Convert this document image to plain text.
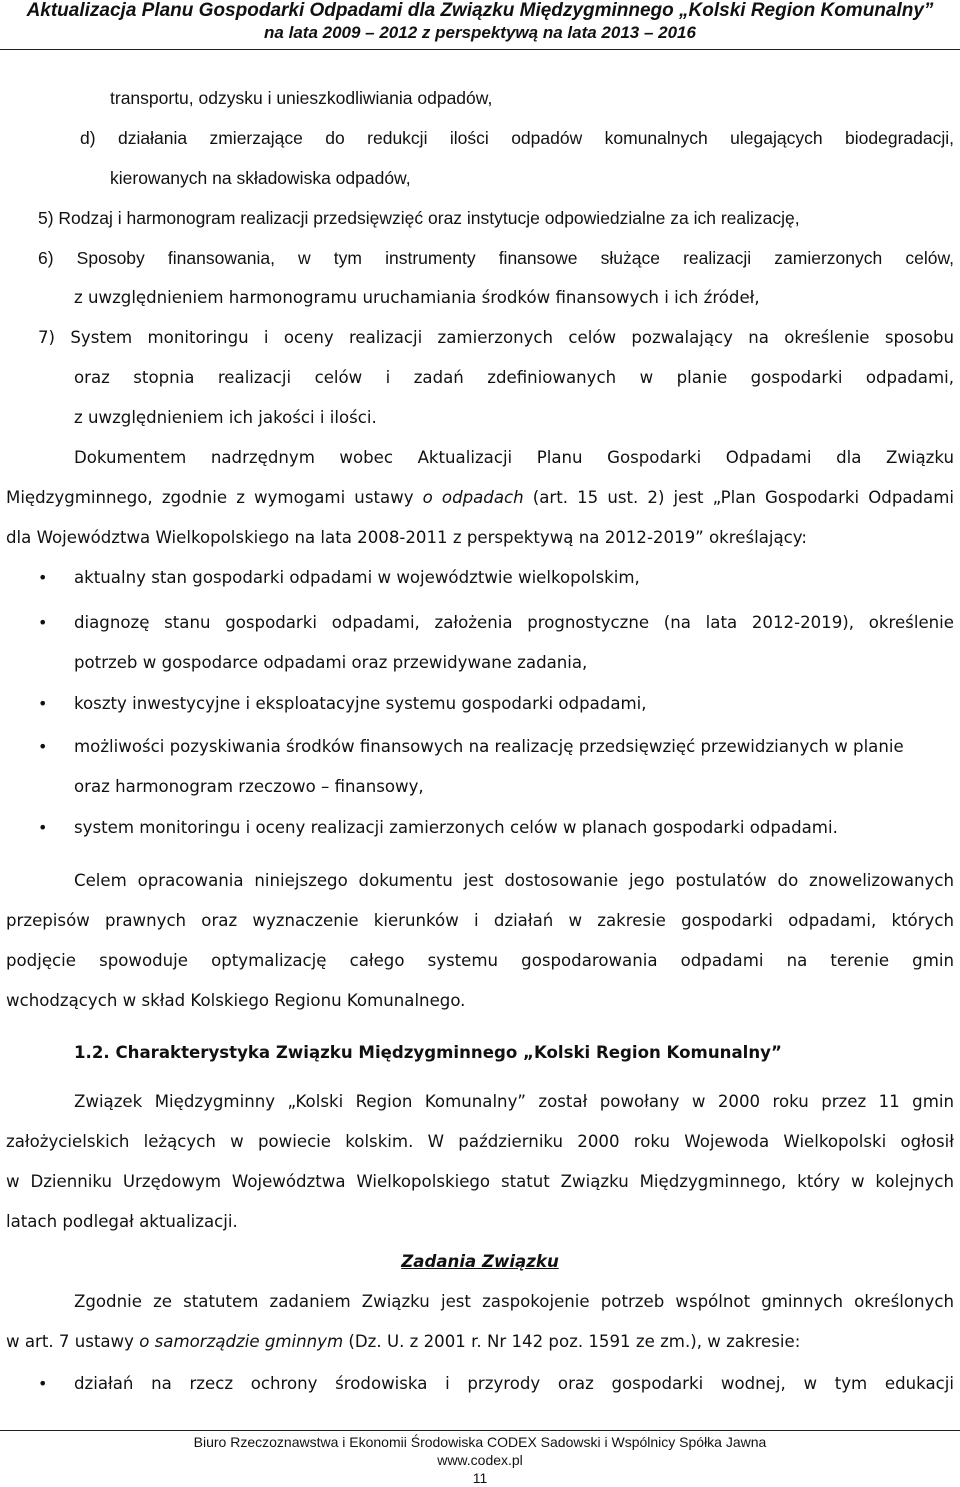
Aktualizacja Planu Gospodarki Odpadami dla Związku Międzygminnego „Kolski Region Komunalny”
na lata 2009 – 2012 z perspektywą na lata 2013 – 2016
transportu, odzysku i unieszkodliwiania odpadów,
d) działania zmierzające do redukcji ilości odpadów komunalnych ulegających biodegradacji,
kierowanych na składowiska odpadów,
5) Rodzaj i harmonogram realizacji przedsięwzięć oraz instytucje odpowiedzialne za ich realizację,
6) Sposoby finansowania, w tym instrumenty finansowe służące realizacji zamierzonych celów,
z uwzględnieniem harmonogramu uruchamiania środków finansowych i ich źródeł,
7) System monitoringu i oceny realizacji zamierzonych celów pozwalający na określenie sposobu
oraz stopnia realizacji celów i zadań zdefiniowanych w planie gospodarki odpadami,
z uwzględnieniem ich jakości i ilości.
Dokumentem nadrzędnym wobec Aktualizacji Planu Gospodarki Odpadami dla Związku
Międzygminnego, zgodnie z wymogami ustawy o odpadach (art. 15 ust. 2) jest „Plan Gospodarki Odpadami
dla Województwa Wielkopolskiego na lata 2008-2011 z perspektywą na 2012-2019” określający:
• aktualny stan gospodarki odpadami w województwie wielkopolskim,
• diagnozę stanu gospodarki odpadami, założenia prognostyczne (na lata 2012-2019), określenie
potrzeb w gospodarce odpadami oraz przewidywane zadania,
• koszty inwestycyjne i eksploatacyjne systemu gospodarki odpadami,
• możliwości pozyskiwania środków finansowych na realizację przedsięwzięć przewidzianych w planie
oraz harmonogram rzeczowo – finansowy,
• system monitoringu i oceny realizacji zamierzonych celów w planach gospodarki odpadami.
Celem opracowania niniejszego dokumentu jest dostosowanie jego postulatów do znowelizowanych
przepisów prawnych oraz wyznaczenie kierunków i działań w zakresie gospodarki odpadami, których
podjęcie spowoduje optymalizację całego systemu gospodarowania odpadami na terenie gmin
wchodzących w skład Kolskiego Regionu Komunalnego.
1.2. Charakterystyka Związku Międzygminnego „Kolski Region Komunalny”
Związek Międzygminny „Kolski Region Komunalny” został powołany w 2000 roku przez 11 gmin
założycielskich leżących w powiecie kolskim. W październiku 2000 roku Wojewoda Wielkopolski ogłosił
w Dzienniku Urzędowym Województwa Wielkopolskiego statut Związku Międzygminnego, który w kolejnych
latach podlegał aktualizacji.
Zadania Związku
Zgodnie ze statutem zadaniem Związku jest zaspokojenie potrzeb wspólnot gminnych określonych
w art. 7 ustawy o samorządzie gminnym (Dz. U. z 2001 r. Nr 142 poz. 1591 ze zm.), w zakresie:
• działań na rzecz ochrony środowiska i przyrody oraz gospodarki wodnej, w tym edukacji
Biuro Rzeczoznawstwa i Ekonomii Środowiska CODEX Sadowski i Wspólnicy Spółka Jawna
www.codex.pl
11
